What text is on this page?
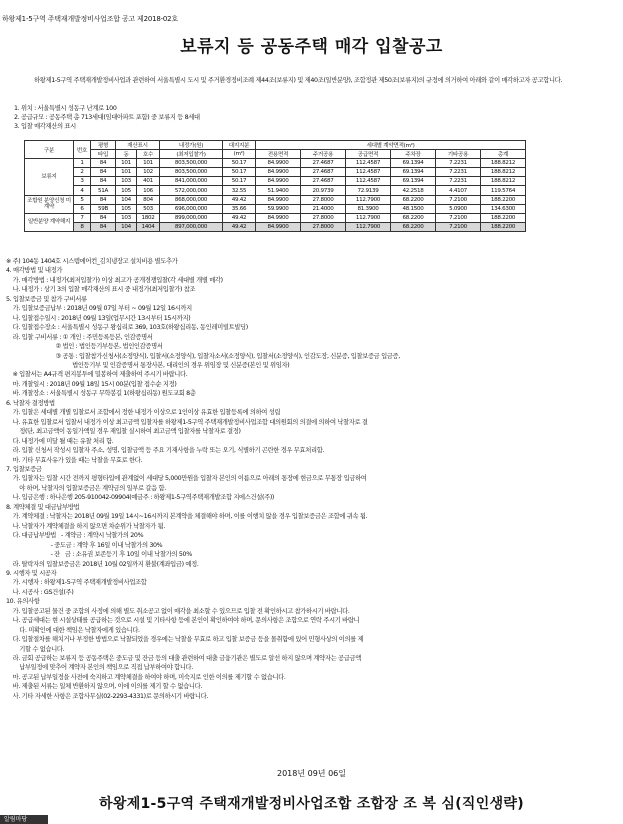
하왕제1-5구역 주택재개발정비사업조합 공고 제2018-02호
보류지 등 공동주택 매각 입찰공고
하왕제1-5구역 주택재개발정비사업과 관련하여 서울특별시 도시 및 주거환경정비조례 제44조(보류지) 및 제40조(일반분양), 조합정관 제50조(보류지)의 규정에 의거하여 아래와 같이 매각하고자 공고합니다.
1. 위치 : 서울특별시 성동구 난계로 100
2. 공급규모 : 공동주택 총 713세대(임대아파트 포함) 중 보류지 등 8세대
3. 입찰 매각재산의 표시
구분	번호	평형	재산표시		내정가(원)	대지지분	세대별 계약면적(m²)					
		타입	동	호수	(최저입찰가)	(m²)	전용면적	주거공용	공급면적	주차장	기타공용	총계
보류지	1	84	101	101	803,500,000	50.17	84.9900	27.4687	112.4587	69.1394	7.2231	188.8212
	2	84	101	102	803,500,000	50.17	84.9900	27.4687	112.4587	69.1394	7.2231	188.8212
	3	84	103	401	841,000,000	50.17	84.9900	27.4687	112.4587	69.1394	7.2231	188.8212
	4	51A	105	106	572,000,000	32.55	51.9400	20.9739	72.9139	42.2518	4.4107	119.5764
조합원 분양신청 미계약	5	84	104	804	868,000,000	49.42	84.9900	27.8000	112.7900	68.2200	7.2100	188.2200
	6	59B	105	503	696,000,000	35.66	59.9900	21.4000	81.3900	48.1500	5.0900	134.6300
일반분양 계약해지	7	84	103	1802	899,000,000	49.42	84.9900	27.8000	112.7900	68.2200	7.2100	188.2200
	8	84	104	1404	897,000,000	49.42	84.9900	27.8000	112.7900	68.2200	7.2100	188.2200
※ 주) 104동 1404호 시스템에어컨_김치냉장고 설치비용 별도추가
4. 매각방법 및 내정가
가. 매각방법 : 내정가(최저입찰가) 이상 최고가 공개경쟁입찰(각 세대별 개별 매각)
나. 내정가 : 상기 3의 입찰 매각재산의 표시 중 내정가(최저입찰가) 참조
5. 입찰보증금 및 참가 구비서류
가. 입찰보증금납부 : 2018년 09월 07일 부터 ~ 09월 12일 16시까지
나. 입찰접수일시 : 2018년 09월 13일(업무시간 13시부터 15시까지)
다. 입찰접수장소 : 서울특별시 성동구 왕십리로 369, 103호(하왕십리동, 동인레미빌트빌딩)
라. 입찰 구비서류 : ① 개인 : 주민등록등본, 인감증명서
② 법인 : 법인등기부등본, 법인인감증명서
③ 공통 : 입찰참가신청서(소정양식), 입찰서(소정양식), 입찰자소서(소정양식), 입찰서(소정양식), 인감도장, 신분증, 입찰보증금 입금증,
법인등기부 및 인감증명서 통장사본, 대리인의 경우 위임장 및 신분증(본인 및 위임자)
※ 입찰서는 A4규격 편지봉투에 밀봉하여 제출하여 주시기 바랍니다.
마. 개찰일시 : 2018년 09월 18일 15시 00분(입찰 접수순 지정)
바. 개찰장소 : 서울특별시 성동구 무학봉길 1(하왕십리동) 원도교회 8층
6. 낙찰자 결정방법
가. 입찰은 세대별 개별 입찰로서 조합에서 정한 내정가 이상으로 1인이상 유효한 입찰등록에 의하여 성립
나. 유효한 입찰로서 입찰서 내정가 이상 최고금액 입찰자를 하왕제1-5구역 주택재개발정비사업조합 대의원회의 의결에 의하여 낙찰자로 결
정(단, 최고금액이 동일가액일 경우 재입찰 실시하여 최고금액 입찰자를 낙찰자로 결정)
다. 내정가에 미달 될 때는 유찰 처리 함.
라. 입찰 신청서 작성시 입찰자 주소, 성명, 입찰금액 등 주요 기재사항을 누락 또는 오기, 식별하기 곤란한 경우 무효처리함.
마. 기타 무효사유가 있을 때는 낙찰을 무효로 한다.
7. 입찰보증금
가. 입찰자는 입찰 시간 전까지 평형타입에 관계없이 세대당 5,000만원을 입찰자 본인의 이름으로 아래의 통장에 현금으로 무통장 입금하여
야 하며, 낙찰자의 입찰보증금은 계약금의 일부로 갈음 함.
나. 입금은행 : 하나은행 205-910042-09904(예금주 : 하왕제1-5구역주택재개발조합 지에스건설(주))
8. 계약체결 및 대금납부방법
가. 계약체결 : 낙찰자는 2018년 09월 19일 14시~16시까지 본계약을 체결해야 하며, 이를 이행치 않을 경우 입찰보증금은 조합에 귀속 됨.
나. 낙찰자가 계약체결을 하지 않으면 차순위가 낙찰자가 됨.
다. 대금납부방법   - 계약금 : 계약시 낙찰가의 20%
- 중도금 : 계약 후 16일 이내 낙찰가의 30%
- 잔   금 : 소유권 보존등기 후 10일 이내 낙찰가의 50%
라. 탈락자의 입찰보증금은 2018년 10월 02일까지 환불(계좌입금) 예정.
9. 시행자 및 시공자
가. 시행자 : 하왕제1-5구역 주택재개발정비사업조합
나. 시공사 : GS건설(주)
10. 유의사항
가. 입찰공고된 물건 중 조합의 사정에 의해 별도 취소공고 없이 매각을 최소할 수 있으므로 입찰 전 확인하시고 참가하시기 바랍니다.
나. 공급세대는 현 시설상태를 공급하는 것으로 시설 및 기타사항 등에 본인이 확인하여야 하며, 문의사항은 조합으로 연락 주시기 바랍니
다. 미확인에 대한 책임은 낙찰자에게 있습니다.
다. 입찰절차를 해치거나 부정한 방법으로 낙찰되었을 경우에는 낙찰을 무효로 하고 입찰 보증금 등을 몰취함에 있어 민형사상의 이의를 제
기할 수 없습니다.
라. 금회 공급하는 보류지 등 공동주택은 중도금 및 잔금 등의 대출 관련하여 대출 금융기관은 별도로 알선 하지 않으며 계약자는 공급금액
납부일정에 맞추어 계약자 본인의 책임으로 직접 납부하여야 합니다.
마. 공고된 납부일정을 사전에 숙지하고 계약체결을 하여야 하며, 미숙지로 인한 이의를 제기할 수 없습니다.
바. 제출된 서류는 일체 반환하지 않으며, 이에 이의를 제기 할 수 없습니다.
사. 기타 자세한 사항은 조합사무실(02-2293-4331)로 문의하시기 바랍니다.
2018년 09년 06일
하왕제1-5구역 주택재개발정비사업조합 조합장 조 복 심(직인생략)
알림마당
